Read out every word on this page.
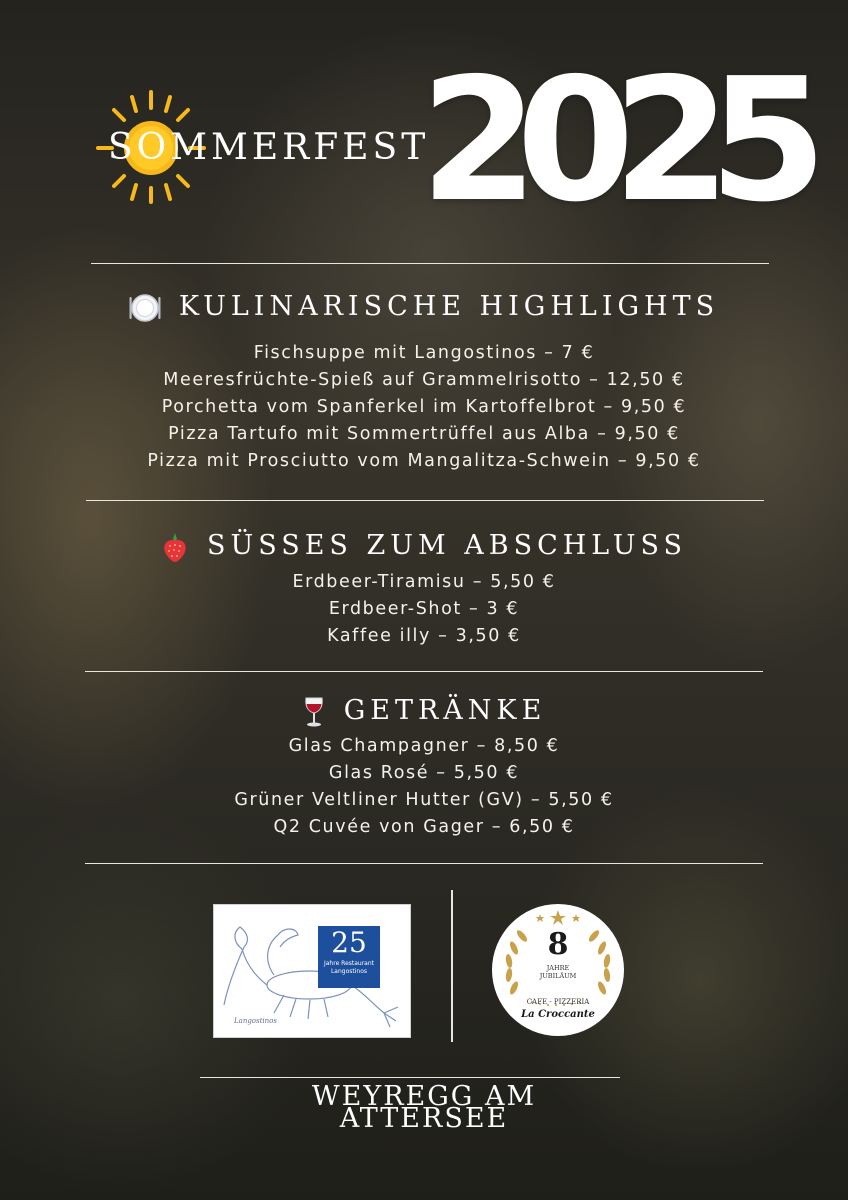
SOMMERFEST
2025
KULINARISCHE HIGHLIGHTS
Fischsuppe mit Langostinos – 7 €
Meeresfrüchte-Spieß auf Grammelrisotto – 12,50 €
Porchetta vom Spanferkel im Kartoffelbrot – 9,50 €
Pizza Tartufo mit Sommertrüffel aus Alba – 9,50 €
Pizza mit Prosciutto vom Mangalitza-Schwein – 9,50 €
SÜSSES ZUM ABSCHLUSS
Erdbeer-Tiramisu – 5,50 €
Erdbeer-Shot – 3 €
Kaffee illy – 3,50 €
GETRÄNKE
Glas Champagner – 8,50 €
Glas Rosé – 5,50 €
Grüner Veltliner Hutter (GV) – 5,50 €
Q2 Cuvée von Gager – 6,50 €
Langostinos
25
Jahre Restaurant
Langostinos
8
JAHRE
JUBILÄUM
CAFE - PIZZERIA
La Croccante
WEYREGG AM
ATTERSEE
